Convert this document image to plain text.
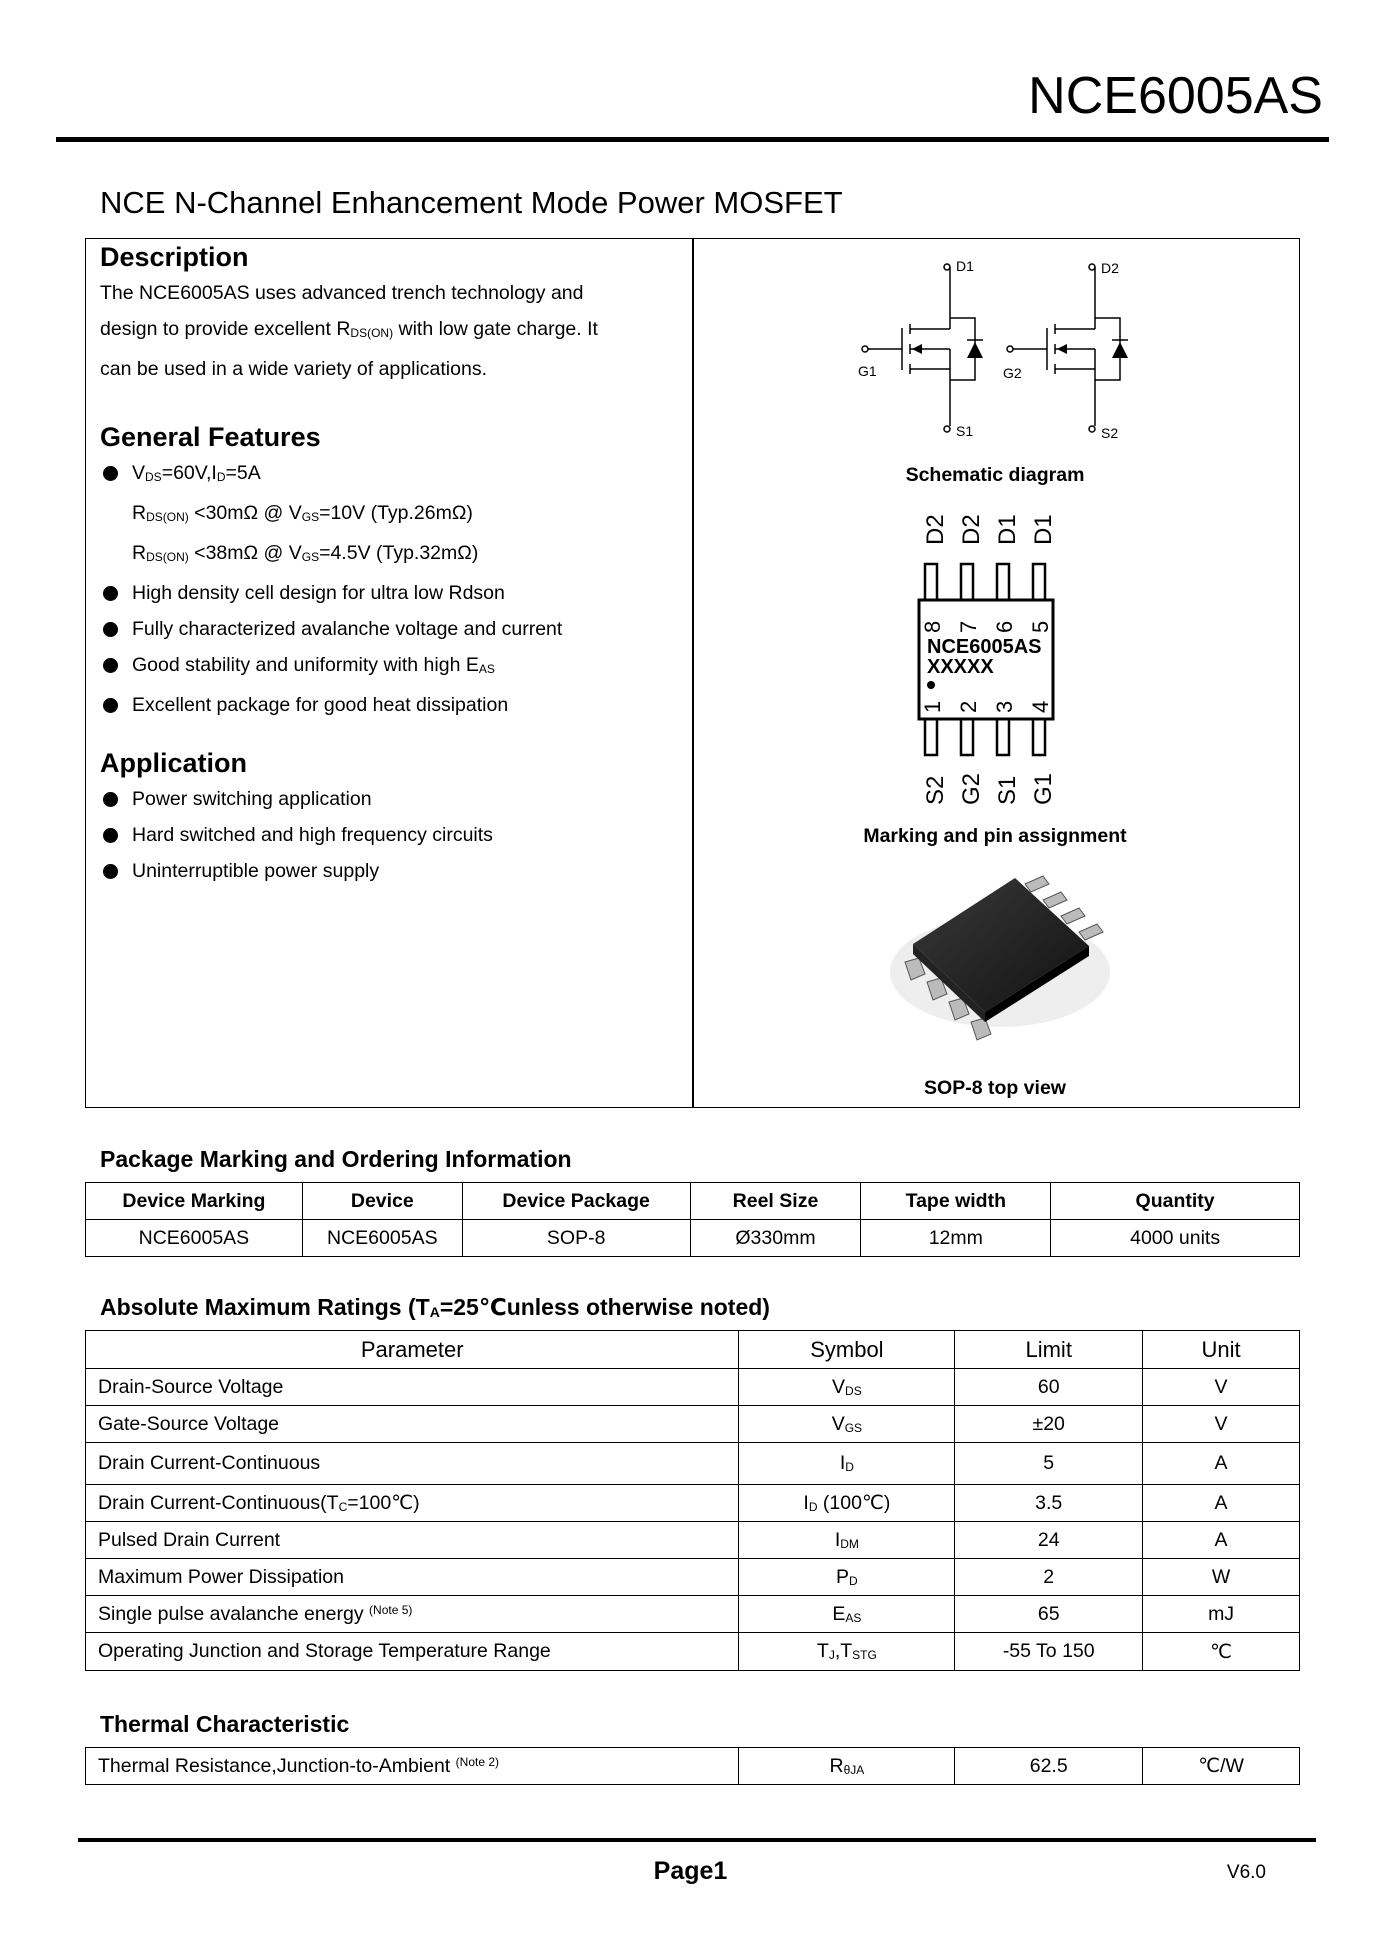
NCE6005AS
NCE N-Channel Enhancement Mode Power MOSFET
Description
The NCE6005AS uses advanced trench technology and
design to provide excellent $R_{DS(ON)}$ with low gate charge. It
can be used in a wide variety of applications.
General Features
$V_{DS}=60V,I_D=5A$
$R_{DS(ON)} <30m\Omega$ @ $V_{GS}=10V$ (Typ.26mΩ)
$R_{DS(ON)} <38m\Omega$ @ $V_{GS}=4.5V$ (Typ.32mΩ)
High density cell design for ultra low Rdson
Fully characterized avalanche voltage and current
Good stability and uniformity with high $E_{AS}$
Excellent package for good heat dissipation
Application
Power switching application
Hard switched and high frequency circuits
Uninterruptible power supply
D1	D2
G1	G2
S1	S2
Schematic diagram
D2 D2 D1 D1
8 7 6 5
1 2 3 4
NCE6005AS
XXXXX
S2 G2 S1 G1
Marking and pin assignment
SOP-8 top view
Package Marking and Ordering Information
Device Marking	Device	Device Package	Reel Size	Tape width	Quantity
NCE6005AS	NCE6005AS	SOP-8	Ø330mm	12mm	4000 units
Absolute Maximum Ratings ($T_A=25℃unless$ otherwise noted)
Parameter	Symbol	Limit	Unit
Drain-Source Voltage	$V_{DS}$	60	V
Gate-Source Voltage	$V_{GS}$	±20	V
Drain Current-Continuous	$I_D$	5	A
Drain Current-$Continuous(T_C=100℃)$	$I_D$ (100℃)	3.5	A
Pulsed Drain Current	$I_{DM}$	24	A
Maximum Power Dissipation	$P_D$	2	W
Single pulse avalanche energy $^{(Note 5)}$	$E_{AS}$	65	mJ
Operating Junction and Storage Temperature Range	$T_J,T_{STG}$	-55 To 150	℃
Thermal Characteristic
Thermal Resistance,Junction-to-Ambient $^{(Note 2)}$	$R_{\theta JA}$	62.5	℃/W
Page1	V6.0
